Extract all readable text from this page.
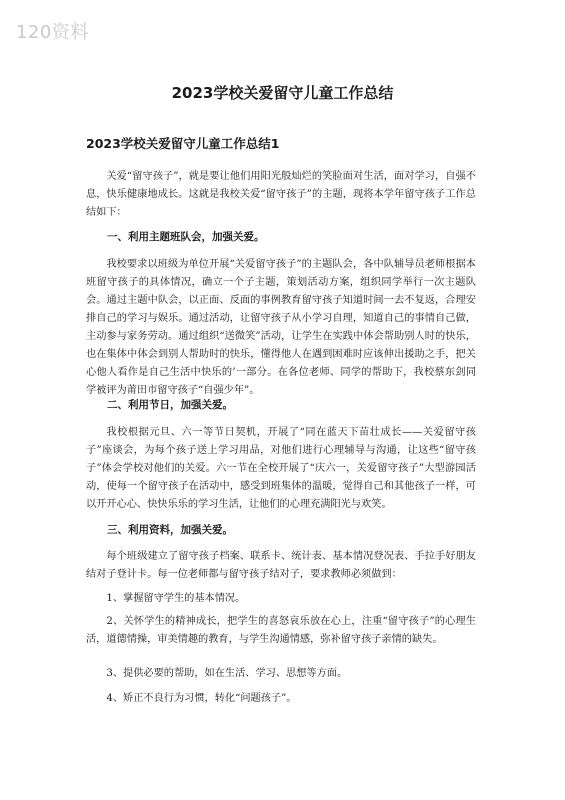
120资料
2023学校关爱留守儿童工作总结
2023学校关爱留守儿童工作总结1

关爱“留守孩子”，就是要让他们用阳光般灿烂的笑脸面对生活，面对学习，自强不息，快乐健康地成长。这就是我校关爱“留守孩子”的主题，现将本学年留守孩子工作总结如下：

一、利用主题班队会，加强关爱。

我校要求以班级为单位开展“关爱留守孩子”的主题队会，各中队辅导员老师根据本班留守孩子的具体情况，确立一个子主题，策划活动方案，组织同学举行一次主题队会。通过主题中队会，以正面、反面的事例教育留守孩子知道时间一去不复返，合理安排自己的学习与娱乐。通过活动，让留守孩子从小学习自理，知道自己的事情自己做，主动参与家务劳动。通过组织“送微笑”活动，让学生在实践中体会帮助别人时的快乐，也在集体中体会到别人帮助时的快乐，懂得他人在遇到困难时应该伸出援助之手，把关心他人看作是自己生活中快乐的’一部分。在各位老师、同学的帮助下，我校蔡东剑同学被评为莆田市留守孩子“自强少年”。

二、利用节日，加强关爱。

我校根据元旦、六一等节日契机，开展了“同在蓝天下苗壮成长——关爱留守孩子”座谈会，为每个孩子送上学习用品，对他们进行心理辅导与沟通，让这些“留守孩子”体会学校对他们的关爱。六一节在全校开展了“庆六一，关爱留守孩子”大型游园活动，使每一个留守孩子在活动中，感受到班集体的温暖，觉得自己和其他孩子一样，可以开开心心、快快乐乐的学习生活，让他们的心理充满阳光与欢笑。

三、利用资料，加强关爱。

每个班级建立了留守孩子档案、联系卡、统计表、基本情况登况表、手拉手好朋友结对子登计卡。每一位老师都与留守孩子结对子，要求教师必须做到：

1、掌握留守学生的基本情况。

2、关怀学生的精神成长，把学生的喜怒哀乐放在心上，注重“留守孩子”的心理生活，道德情操，审美情趣的教育，与学生沟通情感，弥补留守孩子亲情的缺失。

3、提供必要的帮助，如在生活、学习、思想等方面。

4、矫正不良行为习惯，转化“问题孩子”。
